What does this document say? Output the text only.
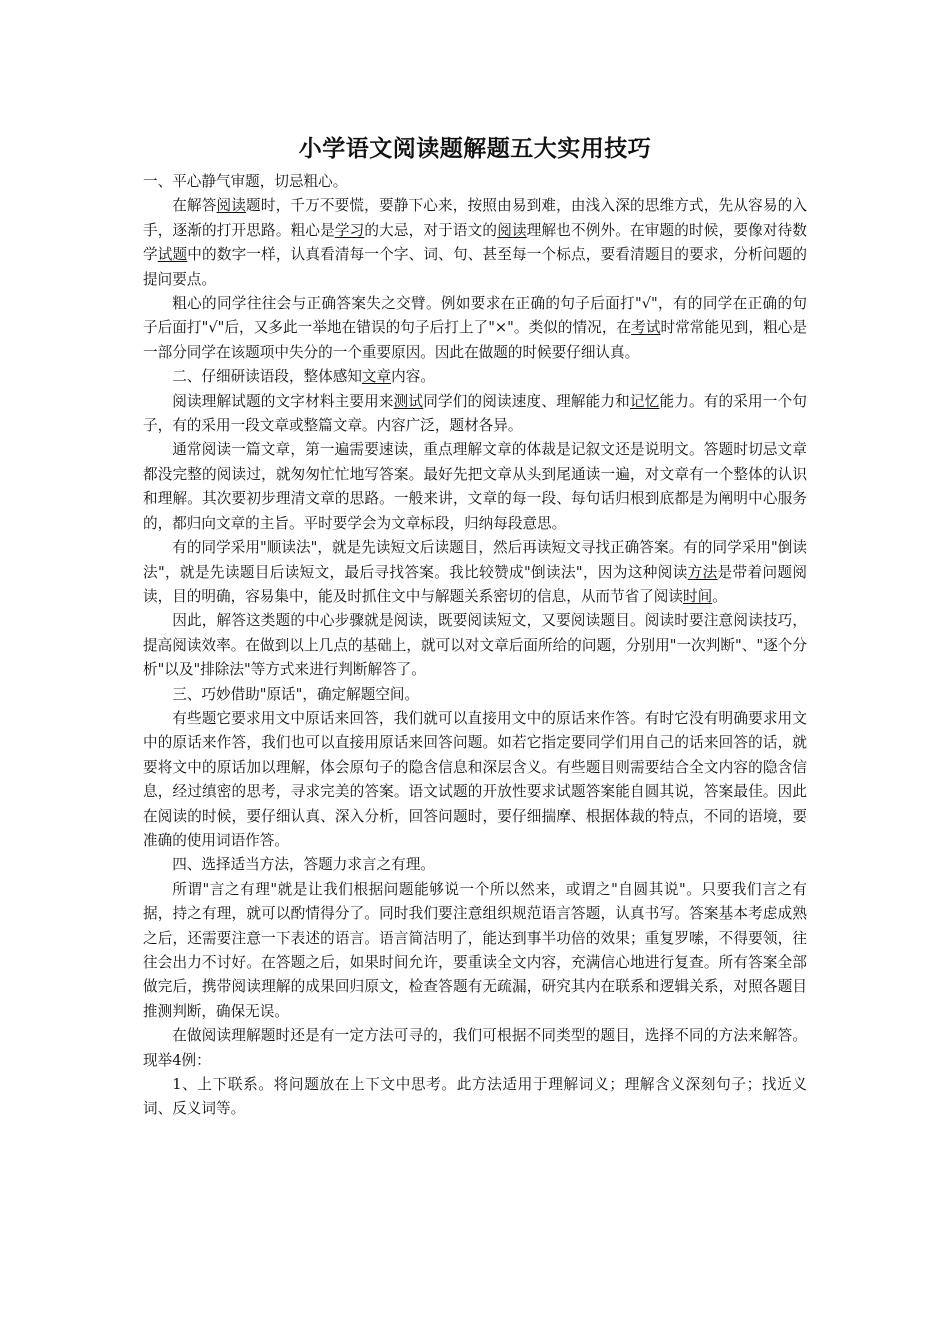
小学语文阅读题解题五大实用技巧

一、平心静气审题，切忌粗心。

在解答阅读题时，千万不要慌，要静下心来，按照由易到难，由浅入深的思维方式，先从容易的入手，逐渐的打开思路。粗心是学习的大忌，对于语文的阅读理解也不例外。在审题的时候，要像对待数学试题中的数字一样，认真看清每一个字、词、句、甚至每一个标点，要看清题目的要求，分析问题的提问要点。

粗心的同学往往会与正确答案失之交臂。例如要求在正确的句子后面打"√"，有的同学在正确的句子后面打"√"后，又多此一举地在错误的句子后打上了"×"。类似的情况，在考试时常常能见到，粗心是一部分同学在该题项中失分的一个重要原因。因此在做题的时候要仔细认真。

二、仔细研读语段，整体感知文章内容。

阅读理解试题的文字材料主要用来测试同学们的阅读速度、理解能力和记忆能力。有的采用一个句子，有的采用一段文章或整篇文章。内容广泛，题材各异。

通常阅读一篇文章，第一遍需要速读，重点理解文章的体裁是记叙文还是说明文。答题时切忌文章都没完整的阅读过，就匆匆忙忙地写答案。最好先把文章从头到尾通读一遍，对文章有一个整体的认识和理解。其次要初步理清文章的思路。一般来讲，文章的每一段、每句话归根到底都是为阐明中心服务的，都归向文章的主旨。平时要学会为文章标段，归纳每段意思。

有的同学采用"顺读法"，就是先读短文后读题目，然后再读短文寻找正确答案。有的同学采用"倒读法"，就是先读题目后读短文，最后寻找答案。我比较赞成"倒读法"，因为这种阅读方法是带着问题阅读，目的明确，容易集中，能及时抓住文中与解题关系密切的信息，从而节省了阅读时间。

因此，解答这类题的中心步骤就是阅读，既要阅读短文，又要阅读题目。阅读时要注意阅读技巧，提高阅读效率。在做到以上几点的基础上，就可以对文章后面所给的问题，分别用"一次判断"、"逐个分析"以及"排除法"等方式来进行判断解答了。

三、巧妙借助"原话"，确定解题空间。

有些题它要求用文中原话来回答，我们就可以直接用文中的原话来作答。有时它没有明确要求用文中的原话来作答，我们也可以直接用原话来回答问题。如若它指定要同学们用自己的话来回答的话，就要将文中的原话加以理解，体会原句子的隐含信息和深层含义。有些题目则需要结合全文内容的隐含信息，经过缜密的思考，寻求完美的答案。语文试题的开放性要求试题答案能自圆其说，答案最佳。因此在阅读的时候，要仔细认真、深入分析，回答问题时，要仔细揣摩、根据体裁的特点，不同的语境，要准确的使用词语作答。

四、选择适当方法，答题力求言之有理。

所谓"言之有理"就是让我们根据问题能够说一个所以然来，或谓之"自圆其说"。只要我们言之有据，持之有理，就可以酌情得分了。同时我们要注意组织规范语言答题，认真书写。答案基本考虑成熟之后，还需要注意一下表述的语言。语言简洁明了，能达到事半功倍的效果；重复罗嗦，不得要领，往往会出力不讨好。在答题之后，如果时间允许，要重读全文内容，充满信心地进行复查。所有答案全部做完后，携带阅读理解的成果回归原文，检查答题有无疏漏，研究其内在联系和逻辑关系，对照各题目推测判断，确保无误。

在做阅读理解题时还是有一定方法可寻的，我们可根据不同类型的题目，选择不同的方法来解答。现举4例：

1、上下联系。将问题放在上下文中思考。此方法适用于理解词义；理解含义深刻句子；找近义词、反义词等。
